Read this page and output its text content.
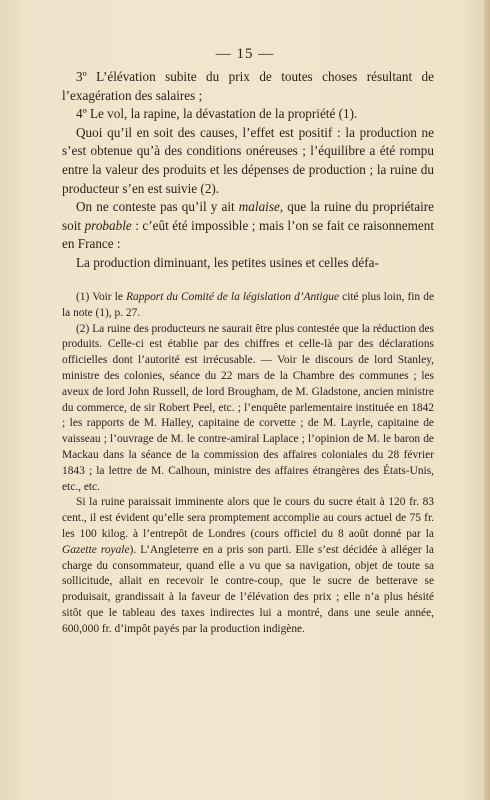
— 15 —

3º L’élévation subite du prix de toutes choses résultant de l’exagération des salaires ;

4º Le vol, la rapine, la dévastation de la propriété (1).

Quoi qu’il en soit des causes, l’effet est positif : la production ne s’est obtenue qu’à des conditions onéreuses ; l’équilibre a été rompu entre la valeur des produits et les dépenses de production ; la ruine du producteur s’en est suivie (2).

On ne conteste pas qu’il y ait malaise, que la ruine du propriétaire soit probable : c’eût été impossible ; mais l’on se fait ce raisonnement en France :

La production diminuant, les petites usines et celles défa-

(1) Voir le Rapport du Comité de la législation d’Antigue cité plus loin, fin de la note (1), p. 27.

(2) La ruine des producteurs ne saurait être plus contestée que la réduction des produits. Celle-ci est établie par des chiffres et celle-là par des déclarations officielles dont l’autorité est irrécusable. — Voir le discours de lord Stanley, ministre des colonies, séance du 22 mars de la Chambre des communes ; les aveux de lord John Russell, de lord Brougham, de M. Gladstone, ancien ministre du commerce, de sir Robert Peel, etc. ; l’enquête parlementaire instituée en 1842 ; les rapports de M. Halley, capitaine de corvette ; de M. Layrle, capitaine de vaisseau ; l’ouvrage de M. le contre-amiral Laplace ; l’opinion de M. le baron de Mackau dans la séance de la commission des affaires coloniales du 28 février 1843 ; la lettre de M. Calhoun, ministre des affaires étrangères des États-Unis, etc., etc.

Si la ruine paraissait imminente alors que le cours du sucre était à 120 fr. 83 cent., il est évident qu’elle sera promptement accomplie au cours actuel de 75 fr. les 100 kilog. à l’entrepôt de Londres (cours officiel du 8 août donné par la Gazette royale). L’Angleterre en a pris son parti. Elle s’est décidée à alléger la charge du consommateur, quand elle a vu que sa navigation, objet de toute sa sollicitude, allait en recevoir le contre-coup, que le sucre de betterave se produisait, grandissait à la faveur de l’élévation des prix ; elle n’a plus hésité sitôt que le tableau des taxes indirectes lui a montré, dans une seule année, 600,000 fr. d’impôt payés par la production indigène.
